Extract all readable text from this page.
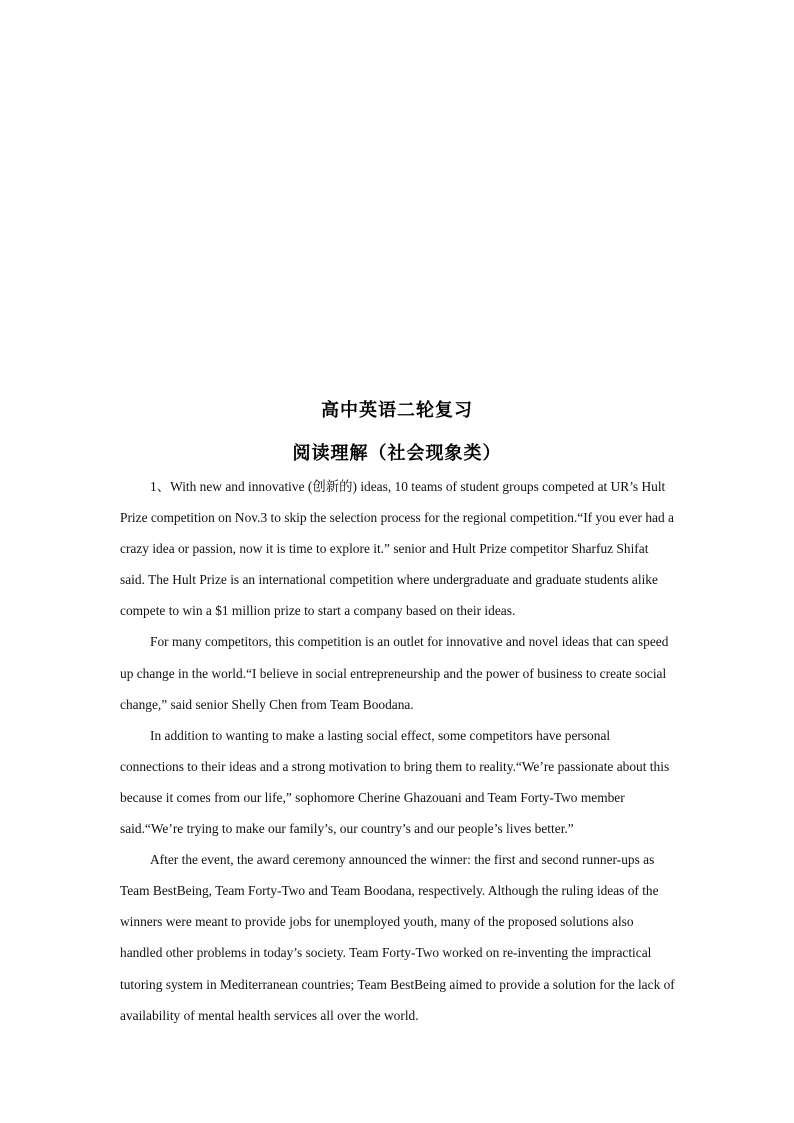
高中英语二轮复习
阅读理解（社会现象类）

1、With new and innovative (创新的) ideas, 10 teams of student groups competed at UR’s Hult Prize competition on Nov.3 to skip the selection process for the regional competition.“If you ever had a crazy idea or passion, now it is time to explore it.” senior and Hult Prize competitor Sharfuz Shifat said. The Hult Prize is an international competition where undergraduate and graduate students alike compete to win a $1 million prize to start a company based on their ideas.

For many competitors, this competition is an outlet for innovative and novel ideas that can speed up change in the world.“I believe in social entrepreneurship and the power of business to create social change,” said senior Shelly Chen from Team Boodana.

In addition to wanting to make a lasting social effect, some competitors have personal connections to their ideas and a strong motivation to bring them to reality.“We’re passionate about this because it comes from our life,” sophomore Cherine Ghazouani and Team Forty-Two member said.“We’re trying to make our family’s, our country’s and our people’s lives better.”

After the event, the award ceremony announced the winner: the first and second runner-ups as Team BestBeing, Team Forty-Two and Team Boodana, respectively. Although the ruling ideas of the winners were meant to provide jobs for unemployed youth, many of the proposed solutions also handled other problems in today’s society. Team Forty-Two worked on re-inventing the impractical tutoring system in Mediterranean countries; Team BestBeing aimed to provide a solution for the lack of availability of mental health services all over the world.
